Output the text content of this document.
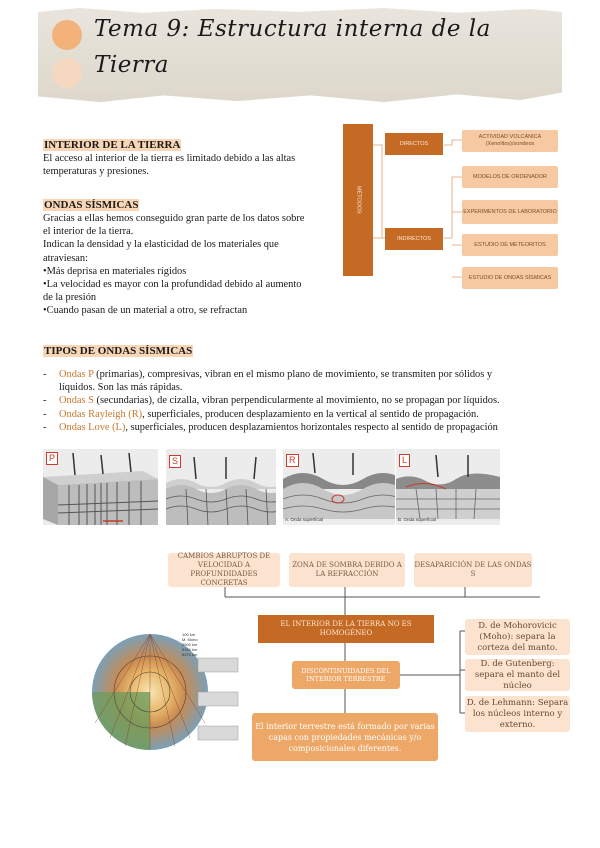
Tema 9: Estructura interna de la
Tierra
INTERIOR DE LA TIERRA
El acceso al interior de la tierra es limitado debido a las altas
temperaturas y presiones.
ONDAS SÍSMICAS
Gracias a ellas hemos conseguido gran parte de los datos sobre
el interior de la tierra.
Indican la densidad y la elasticidad de los materiales que
atraviesan:
•Más deprisa en materiales rígidos
•La velocidad es mayor con la profundidad debido al aumento
de la presión
•Cuando pasan de un material a otro, se refractan
MÉTODOS
DIRECTOS
INDIRECTOS
ACTIVIDAD VOLCÁNICA
(Xenolitos)/sondeos
MODELOS DE ORDENADOR
EXPERIMENTOS DE LABORATORIO
ESTUDIO DE METEORITOS
ESTUDIO DE ONDAS SÍSMICAS
TIPOS DE ONDAS SÍSMICAS
- Ondas P (primarias), compresivas, vibran en el mismo plano de movimiento, se transmiten por sólidos y
líquidos. Son las más rápidas.
- Ondas S (secundarias), de cizalla, vibran perpendicularmente al movimiento, no se propagan por líquidos.
- Ondas Rayleigh (R), superficiales, producen desplazamiento en la vertical al sentido de propagación.
- Ondas Love (L), superficiales, producen desplazamientos horizontales respecto al sentido de propagación
P	S	R
A. Onda superficial
L
B. Onda superficial
CAMBIOS ABRUPTOS DE VELOCIDAD A PROFUNDIDADES CONCRETAS
ZONA DE SOMBRA DEBIDO A LA REFRACCIÓN
DESAPARICIÓN DE LAS ONDAS S
EL INTERIOR DE LA TIERRA NO ES HOMOGÉNEO
DISCONTINUIDADES DEL INTERIOR TERRESTRE
El interior terrestre está formado por varias capas con propiedades mecánicas y/o composicionales diferentes.
D. de Mohorovicic (Moho): separa la corteza del manto.
D. de Gutenberg: separa el manto del núcleo
D. de Lehmann: Separa los núcleos interno y externo.
100 km
M. Moho
2900 km
5150 km
6370 km
